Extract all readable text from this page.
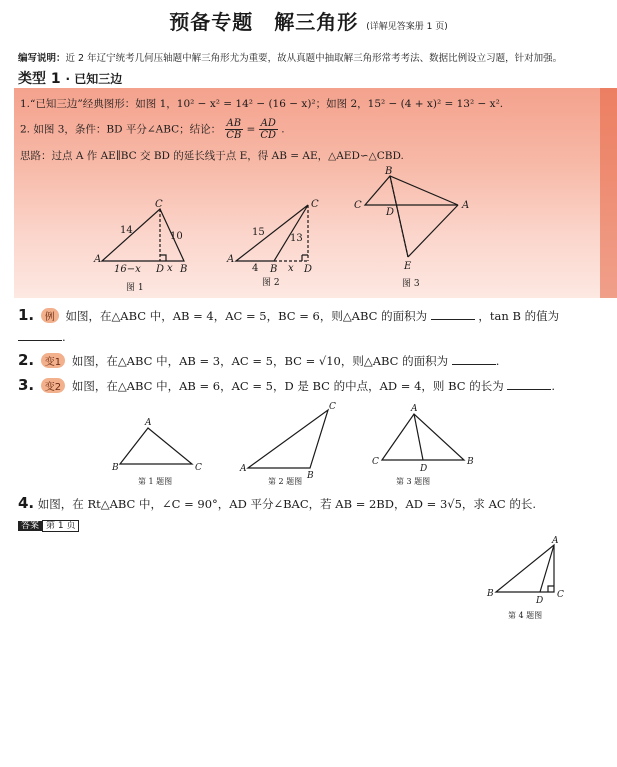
预备专题　解三角形 (详解见答案册 1 页)
编写说明：近 2 年辽宁统考几何压轴题中解三角形尤为重要，故从真题中抽取解三角形常考考法、数据比例设立习题，针对加强。
类型 1 · 已知三边
1.“已知三边”经典图形：如图 1，10² − x² = 14² − (16 − x)²；如图 2，15² − (4 + x)² = 13² − x².
2. 如图 3，条件：BD 平分∠ABC；结论： $\frac{AB}{CB} = \frac{AD}{CD}$ .
思路：过点 A 作 AE∥BC 交 BD 的延长线于点 E，得 AB = AE，△AED∽△CBD.
A
C
D B
14
10
16−x	x
图 1
A
C
B	D
15
13
4	x
图 2
B
C
D
A
E
图 3
1. 例 如图，在△ABC 中，AB = 4，AC = 5，BC = 6，则△ABC 的面积为	，tan B 的值为
.
2. 变1 如图，在△ABC 中，AB = 3，AC = 5，BC = √10，则△ABC 的面积为	.
3. 变2 如图，在△ABC 中，AB = 6，AC = 5，D 是 BC 的中点，AD = 4，则 BC 的长为	.
A
B	C
第 1 题图
A
B
C
第 2 题图
A
C
D
B
第 3 题图
4. 如图，在 Rt△ABC 中，∠C = 90°，AD 平分∠BAC，若 AB = 2BD，AD = 3√5，求 AC 的长.
答案 第 1 页
A
B	C
D
第 4 题图
